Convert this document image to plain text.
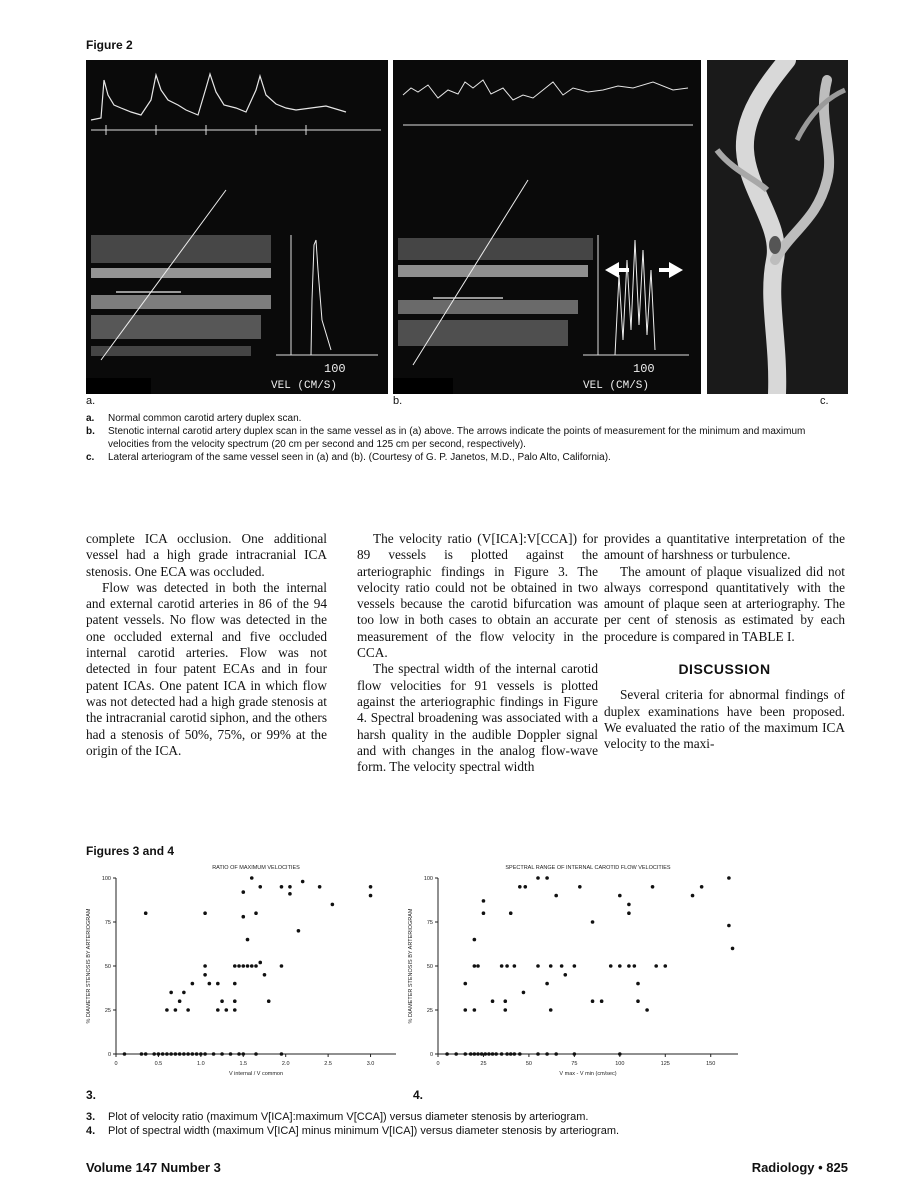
Figure 2
100
VEL (CM/S)
100
VEL (CM/S)
a.	b.	c.
a.	Normal common carotid artery duplex scan.
b.	Stenotic internal carotid artery duplex scan in the same vessel as in (a) above. The arrows indicate the points of measurement for the minimum and maximum velocities from the velocity spectrum (20 cm per second and 125 cm per second, respectively).
c.	Lateral arteriogram of the same vessel seen in (a) and (b). (Courtesy of G. P. Janetos, M.D., Palo Alto, California).

complete ICA occlusion. One additional vessel had a high grade intracranial ICA stenosis. One ECA was occluded.

Flow was detected in both the internal and external carotid arteries in 86 of the 94 patent vessels. No flow was detected in the one occluded external and five occluded internal carotid arteries. Flow was not detected in four patent ECAs and in four patent ICAs. One patent ICA in which flow was not detected had a high grade stenosis at the intracranial carotid siphon, and the others had a stenosis of 50%, 75%, or 99% at the origin of the ICA.

The velocity ratio (V[ICA]:V[CCA]) for 89 vessels is plotted against the arteriographic findings in Figure 3. The velocity ratio could not be obtained in two vessels because the carotid bifurcation was too low in both cases to obtain an accurate measurement of the flow velocity in the CCA.

The spectral width of the internal carotid flow velocities for 91 vessels is plotted against the arteriographic findings in Figure 4. Spectral broadening was associated with a harsh quality in the audible Doppler signal and with changes in the analog flow-wave form. The velocity spectral width

provides a quantitative interpretation of the amount of harshness or turbulence.

The amount of plaque visualized did not always correspond quantitatively with the amount of plaque seen at arteriography. The per cent of stenosis as estimated by each procedure is compared in TABLE I.

DISCUSSION

Several criteria for abnormal findings of duplex examinations have been proposed. We evaluated the ratio of the maximum ICA velocity to the maxi-

Figures 3 and 4
RATIO OF MAXIMUM VELOCITIES
0
25
50
75
100
0	0.5	1.0	1.5	2.0	2.5	3.0
% DIAMETER STENOSIS BY ARTERIOGRAM
V internal / V common
SPECTRAL RANGE OF INTERNAL CAROTID FLOW VELOCITIES
0
25
50
75
100
0	25	50	75	100	125	150
% DIAMETER STENOSIS BY ARTERIOGRAM
V max - V min (cm/sec)
3.	4.
3.	Plot of velocity ratio (maximum V[ICA]:maximum V[CCA]) versus diameter stenosis by arteriogram.
4.	Plot of spectral width (maximum V[ICA] minus minimum V[ICA]) versus diameter stenosis by arteriogram.
Volume 147 Number 3	Radiology • 825
